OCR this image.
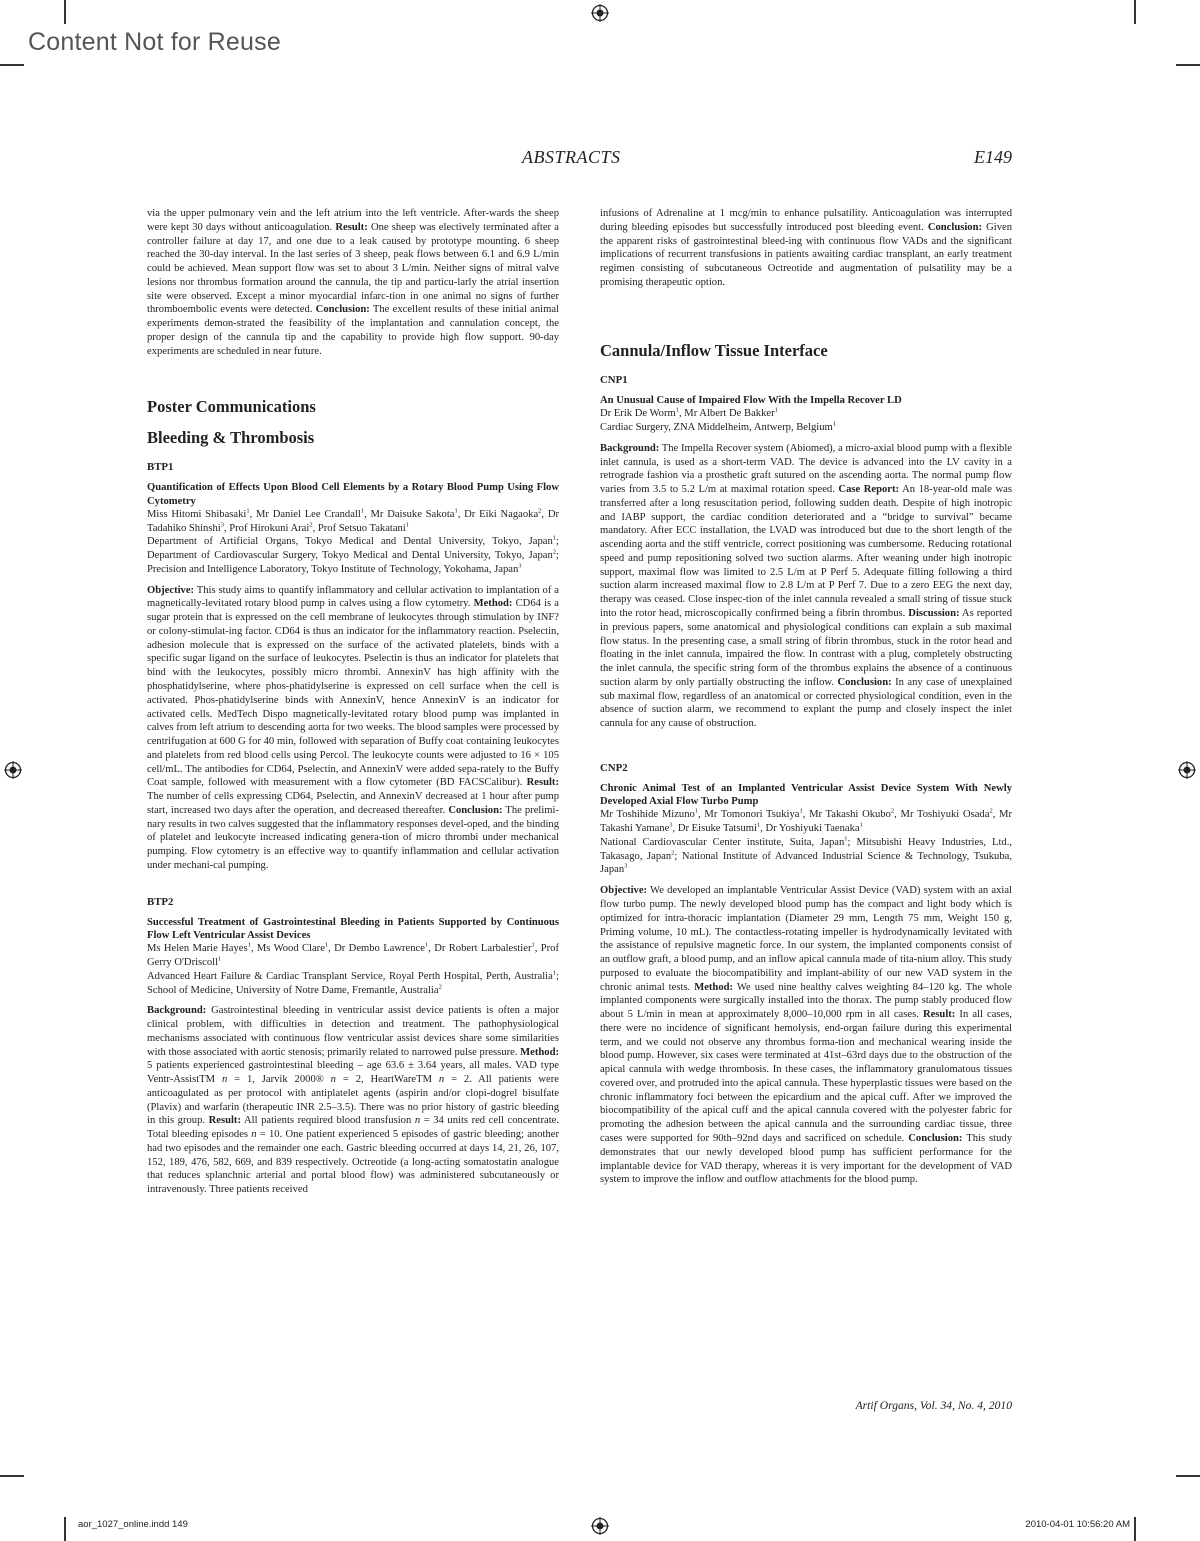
Content Not for Reuse
ABSTRACTS	E149

via the upper pulmonary vein and the left atrium into the left ventricle. After-wards the sheep were kept 30 days without anticoagulation. Result: One sheep was electively terminated after a controller failure at day 17, and one due to a leak caused by prototype mounting. 6 sheep reached the 30-day interval. In the last series of 3 sheep, peak flows between 6.1 and 6.9 L/min could be achieved. Mean support flow was set to about 3 L/min. Neither signs of mitral valve lesions nor thrombus formation around the cannula, the tip and particu-larly the atrial insertion site were observed. Except a minor myocardial infarc-tion in one animal no signs of further thromboembolic events were detected. Conclusion: The excellent results of these initial animal experiments demon-strated the feasibility of the implantation and cannulation concept, the proper design of the cannula tip and the capability to provide high flow support. 90-day experiments are scheduled in near future.

Poster Communications

Bleeding & Thrombosis

BTP1

Quantification of Effects Upon Blood Cell Elements by a Rotary Blood Pump Using Flow Cytometry

Miss Hitomi Shibasaki$^1$, Mr Daniel Lee Crandall$^1$, Mr Daisuke Sakota$^1$, Dr Eiki Nagaoka$^2$, Dr Tadahiko Shinshi$^3$, Prof Hirokuni Arai$^2$, Prof Setsuo Takatani$^1$

Department of Artificial Organs, Tokyo Medical and Dental University, Tokyo, Japan$^1$; Department of Cardiovascular Surgery, Tokyo Medical and Dental University, Tokyo, Japan$^2$; Precision and Intelligence Laboratory, Tokyo Institute of Technology, Yokohama, Japan$^3$

Objective: This study aims to quantify inflammatory and cellular activation to implantation of a magnetically-levitated rotary blood pump in calves using a flow cytometry. Method: CD64 is a sugar protein that is expressed on the cell membrane of leukocytes through stimulation by INF? or colony-stimulat-ing factor. CD64 is thus an indicator for the inflammatory reaction. Pselectin, adhesion molecule that is expressed on the surface of the activated platelets, binds with a specific sugar ligand on the surface of leukocytes. Pselectin is thus an indicator for platelets that bind with the leukocytes, possibly micro thrombi. AnnexinV has high affinity with the phosphatidylserine, where phos-phatidylserine is expressed on cell surface when the cell is activated. Phos-phatidylserine binds with AnnexinV, hence AnnexinV is an indicator for activated cells. MedTech Dispo magnetically-levitated rotary blood pump was implanted in calves from left atrium to descending aorta for two weeks. The blood samples were processed by centrifugation at 600 G for 40 min, followed with separation of Buffy coat containing leukocytes and platelets from red blood cells using Percol. The leukocyte counts were adjusted to 16 × 105 cell/mL. The antibodies for CD64, Pselectin, and AnnexinV were added sepa-rately to the Buffy Coat sample, followed with measurement with a flow cytometer (BD FACSCalibur). Result: The number of cells expressing CD64, Pselectin, and AnnexinV decreased at 1 hour after pump start, increased two days after the operation, and decreased thereafter. Conclusion: The prelimi-nary results in two calves suggested that the inflammatory responses devel-oped, and the binding of platelet and leukocyte increased indicating genera-tion of micro thrombi under mechanical pumping. Flow cytometry is an effective way to quantify inflammation and cellular activation under mechani-cal pumping.

BTP2

Successful Treatment of Gastrointestinal Bleeding in Patients Supported by Continuous Flow Left Ventricular Assist Devices

Ms Helen Marie Hayes$^1$, Ms Wood Clare$^1$, Dr Dembo Lawrence$^1$, Dr Robert Larbalestier$^1$, Prof Gerry O'Driscoll$^1$

Advanced Heart Failure & Cardiac Transplant Service, Royal Perth Hospital, Perth, Australia$^1$; School of Medicine, University of Notre Dame, Fremantle, Australia$^2$

Background: Gastrointestinal bleeding in ventricular assist device patients is often a major clinical problem, with difficulties in detection and treatment. The pathophysiological mechanisms associated with continuous flow ventricular assist devices share some similarities with those associated with aortic stenosis; primarily related to narrowed pulse pressure. Method: 5 patients experienced gastrointestinal bleeding – age 63.6 ± 3.64 years, all males. VAD type Ventr-AssistTM n = 1, Jarvik 2000® n = 2, HeartWareTM n = 2. All patients were anticoagulated as per protocol with antiplatelet agents (aspirin and/or clopi-dogrel bisulfate (Plavix) and warfarin (therapeutic INR 2.5–3.5). There was no prior history of gastric bleeding in this group. Result: All patients required blood transfusion n = 34 units red cell concentrate. Total bleeding episodes n = 10. One patient experienced 5 episodes of gastric bleeding; another had two episodes and the remainder one each. Gastric bleeding occurred at days 14, 21, 26, 107, 152, 189, 476, 582, 669, and 839 respectively. Octreotide (a long-acting somatostatin analogue that reduces splanchnic arterial and portal blood flow) was administered subcutaneously or intravenously. Three patients received

infusions of Adrenaline at 1 mcg/min to enhance pulsatility. Anticoagulation was interrupted during bleeding episodes but successfully introduced post bleeding event. Conclusion: Given the apparent risks of gastrointestinal bleed-ing with continuous flow VADs and the significant implications of recurrent transfusions in patients awaiting cardiac transplant, an early treatment regimen consisting of subcutaneous Octreotide and augmentation of pulsatility may be a promising therapeutic option.

Cannula/Inflow Tissue Interface

CNP1

An Unusual Cause of Impaired Flow With the Impella Recover LD

Dr Erik De Worm$^1$, Mr Albert De Bakker$^1$

Cardiac Surgery, ZNA Middelheim, Antwerp, Belgium$^1$

Background: The Impella Recover system (Abiomed), a micro-axial blood pump with a flexible inlet cannula, is used as a short-term VAD. The device is advanced into the LV cavity in a retrograde fashion via a prosthetic graft sutured on the ascending aorta. The normal pump flow varies from 3.5 to 5.2 L/m at maximal rotation speed. Case Report: An 18-year-old male was transferred after a long resuscitation period, following sudden death. Despite of high inotropic and IABP support, the cardiac condition deteriorated and a “bridge to survival” became mandatory. After ECC installation, the LVAD was introduced but due to the short length of the ascending aorta and the stiff ventricle, correct positioning was cumbersome. Reducing rotational speed and pump repositioning solved two suction alarms. After weaning under high inotropic support, maximal flow was limited to 2.5 L/m at P Perf 5. Adequate filling following a third suction alarm increased maximal flow to 2.8 L/m at P Perf 7. Due to a zero EEG the next day, therapy was ceased. Close inspec-tion of the inlet cannula revealed a small string of tissue stuck into the rotor head, microscopically confirmed being a fibrin thrombus. Discussion: As reported in previous papers, some anatomical and physiological conditions can explain a sub maximal flow status. In the presenting case, a small string of fibrin thrombus, stuck in the rotor head and floating in the inlet cannula, impaired the flow. In contrast with a plug, completely obstructing the inlet cannula, the specific string form of the thrombus explains the absence of a continuous suction alarm by only partially obstructing the inflow. Conclusion: In any case of unexplained sub maximal flow, regardless of an anatomical or corrected physiological condition, even in the absence of suction alarm, we recommend to explant the pump and closely inspect the inlet cannula for any cause of obstruction.

CNP2

Chronic Animal Test of an Implanted Ventricular Assist Device System With Newly Developed Axial Flow Turbo Pump

Mr Toshihide Mizuno$^1$, Mr Tomonori Tsukiya$^1$, Mr Takashi Okubo$^2$, Mr Toshiyuki Osada$^2$, Mr Takashi Yamane$^3$, Dr Eisuke Tatsumi$^1$, Dr Yoshiyuki Taenaka$^1$

National Cardiovascular Center institute, Suita, Japan$^1$; Mitsubishi Heavy Industries, Ltd., Takasago, Japan$^2$; National Institute of Advanced Industrial Science & Technology, Tsukuba, Japan$^3$

Objective: We developed an implantable Ventricular Assist Device (VAD) system with an axial flow turbo pump. The newly developed blood pump has the compact and light body which is optimized for intra-thoracic implantation (Diameter 29 mm, Length 75 mm, Weight 150 g, Priming volume, 10 mL). The contactless-rotating impeller is hydrodynamically levitated with the assistance of repulsive magnetic force. In our system, the implanted components consist of an outflow graft, a blood pump, and an inflow apical cannula made of tita-nium alloy. This study purposed to evaluate the biocompatibility and implant-ability of our new VAD system in the chronic animal tests. Method: We used nine healthy calves weighting 84–120 kg. The whole implanted components were surgically installed into the thorax. The pump stably produced flow about 5 L/min in mean at approximately 8,000–10,000 rpm in all cases. Result: In all cases, there were no incidence of significant hemolysis, end-organ failure during this experimental term, and we could not observe any thrombus forma-tion and mechanical wearing inside the blood pump. However, six cases were terminated at 41st–63rd days due to the obstruction of the apical cannula with wedge thrombosis. In these cases, the inflammatory granulomatous tissues covered over, and protruded into the apical cannula. These hyperplastic tissues were based on the chronic inflammatory foci between the epicardium and the apical cuff. After we improved the biocompatibility of the apical cuff and the apical cannula covered with the polyester fabric for promoting the adhesion between the apical cannula and the surrounding cardiac tissue, three cases were supported for 90th–92nd days and sacrificed on schedule. Conclusion: This study demonstrates that our newly developed blood pump has sufficient performance for the implantable device for VAD therapy, whereas it is very important for the development of VAD system to improve the inflow and outflow attachments for the blood pump.

Artif Organs, Vol. 34, No. 4, 2010
aor_1027_online.indd 149	2010-04-01 10:56:20 AM
